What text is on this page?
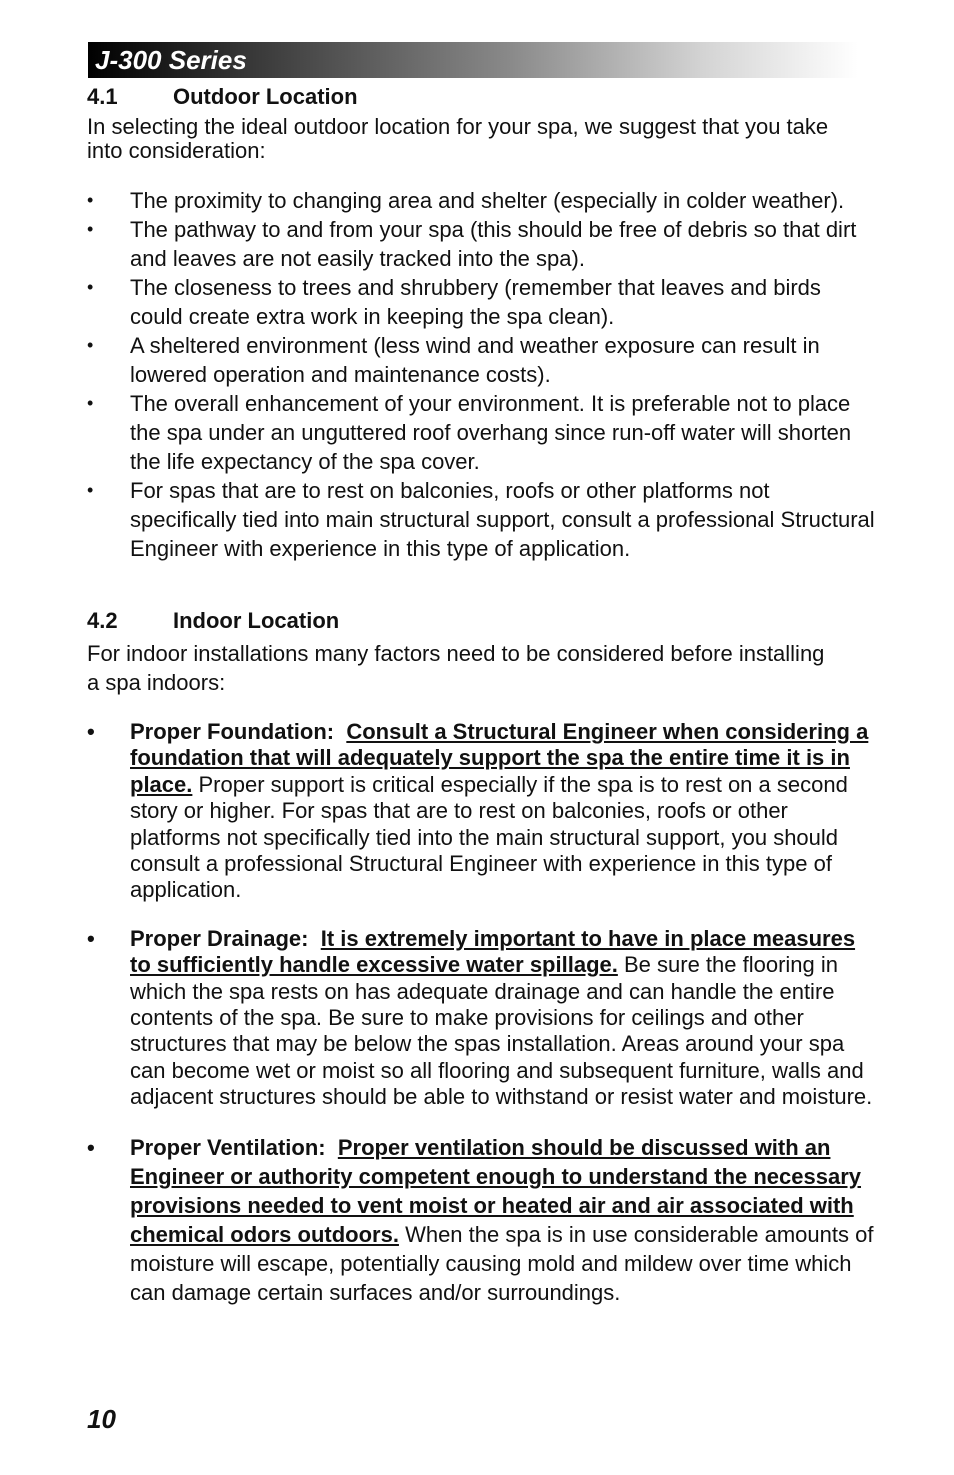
J-300 Series
4.1	Outdoor Location
In selecting the ideal outdoor location for your spa, we suggest that you take into consideration:
• The proximity to changing area and shelter (especially in colder weather).
• The pathway to and from your spa (this should be free of debris so that dirt and leaves are not easily tracked into the spa).
• The closeness to trees and shrubbery (remember that leaves and birds could create extra work in keeping the spa clean).
• A sheltered environment (less wind and weather exposure can result in lowered operation and maintenance costs).
• The overall enhancement of your environment. It is preferable not to place the spa under an unguttered roof overhang since run-off water will shorten the life expectancy of the spa cover.
• For spas that are to rest on balconies, roofs or other platforms not specifically tied into main structural support, consult a professional Structural Engineer with experience in this type of application.
4.2	Indoor Location
For indoor installations many factors need to be considered before installing a spa indoors:
• Proper Foundation: Consult a Structural Engineer when considering a foundation that will adequately support the spa the entire time it is in place. Proper support is critical especially if the spa is to rest on a second story or higher. For spas that are to rest on balconies, roofs or other platforms not specifically tied into the main structural support, you should consult a professional Structural Engineer with experience in this type of application.
• Proper Drainage: It is extremely important to have in place measures to sufficiently handle excessive water spillage. Be sure the flooring in which the spa rests on has adequate drainage and can handle the entire contents of the spa. Be sure to make provisions for ceilings and other structures that may be below the spas installation. Areas around your spa can become wet or moist so all flooring and subsequent furniture, walls and adjacent structures should be able to withstand or resist water and moisture.
• Proper Ventilation: Proper ventilation should be discussed with an Engineer or authority competent enough to understand the necessary provisions needed to vent moist or heated air and air associated with chemical odors outdoors. When the spa is in use considerable amounts of moisture will escape, potentially causing mold and mildew over time which can damage certain surfaces and/or surroundings.
10
